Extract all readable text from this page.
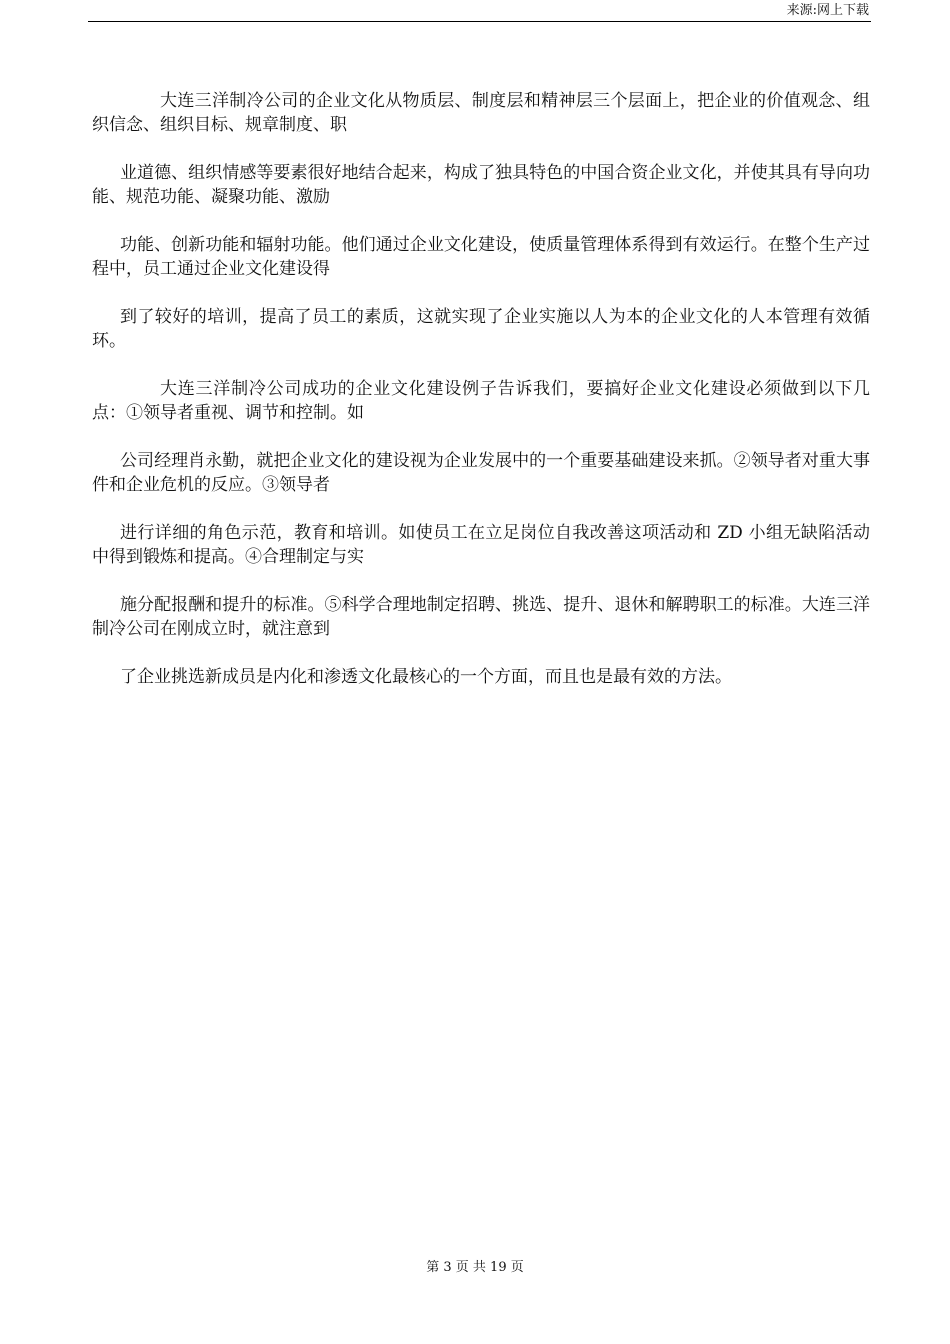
来源:网上下载

大连三洋制冷公司的企业文化从物质层、制度层和精神层三个层面上，把企业的价值观念、组织信念、组织目标、规章制度、职

业道德、组织情感等要素很好地结合起来，构成了独具特色的中国合资企业文化，并使其具有导向功能、规范功能、凝聚功能、激励

功能、创新功能和辐射功能。他们通过企业文化建设，使质量管理体系得到有效运行。在整个生产过程中，员工通过企业文化建设得

到了较好的培训，提高了员工的素质，这就实现了企业实施以人为本的企业文化的人本管理有效循环。

大连三洋制冷公司成功的企业文化建设例子告诉我们，要搞好企业文化建设必须做到以下几点：①领导者重视、调节和控制。如

公司经理肖永勤，就把企业文化的建设视为企业发展中的一个重要基础建设来抓。②领导者对重大事件和企业危机的反应。③领导者

进行详细的角色示范，教育和培训。如使员工在立足岗位自我改善这项活动和 ZD 小组无缺陷活动中得到锻炼和提高。④合理制定与实

施分配报酬和提升的标准。⑤科学合理地制定招聘、挑选、提升、退休和解聘职工的标准。大连三洋制冷公司在刚成立时，就注意到

了企业挑选新成员是内化和渗透文化最核心的一个方面，而且也是最有效的方法。

第 3 页 共 19 页
